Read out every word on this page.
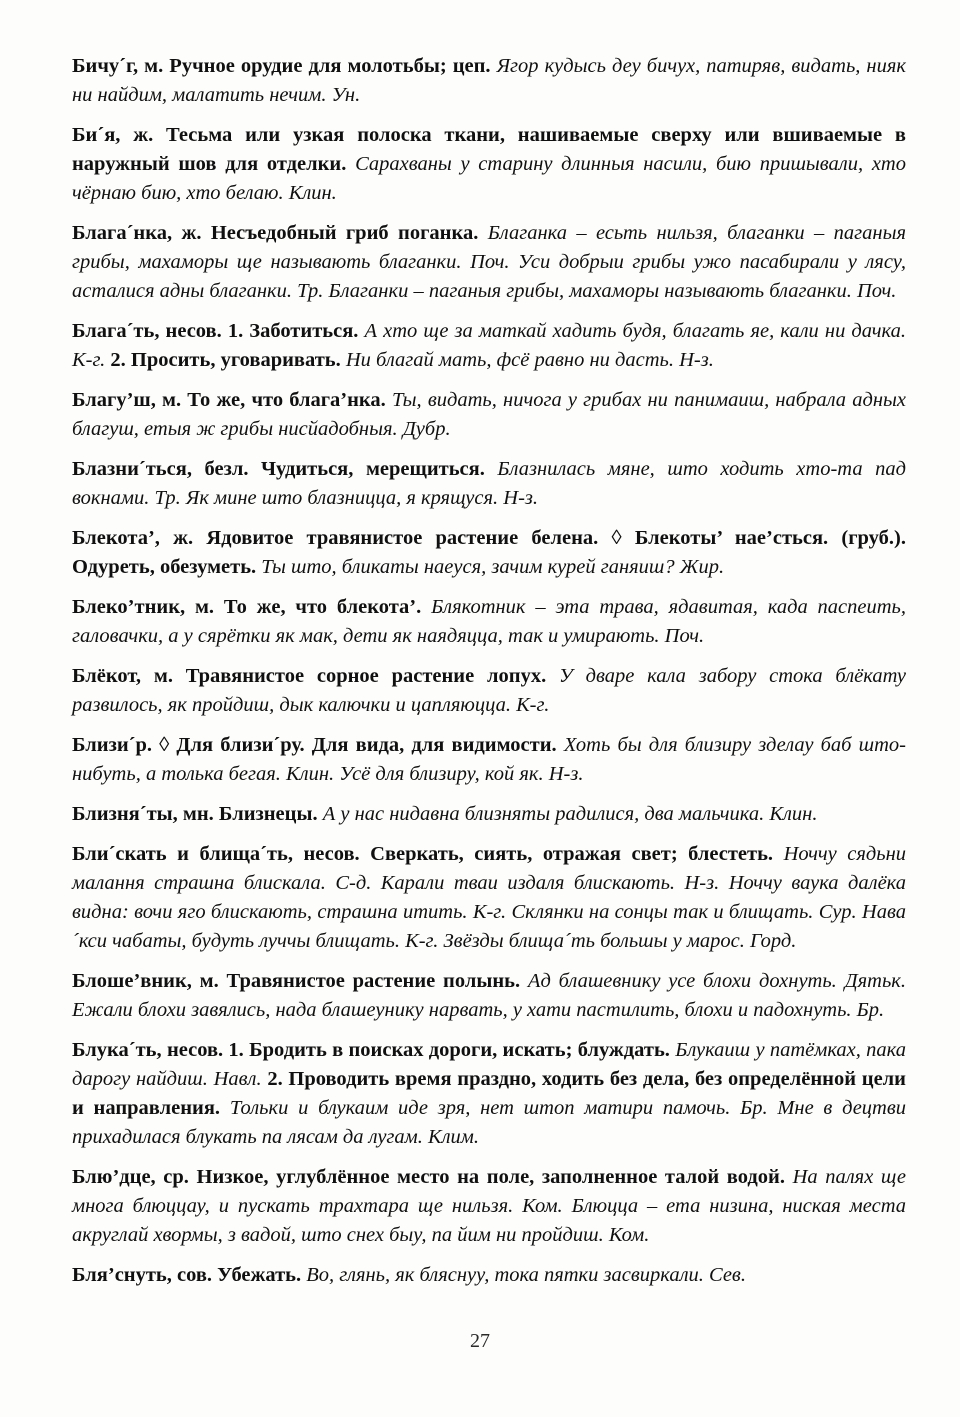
Бичу´г, м. Ручное орудие для молотьбы; цеп. Ягор кудысь деу бичух, патиряв, видать, нияк ни найдим, малатить нечим. Ун.

Би´я, ж. Тесьма или узкая полоска ткани, нашиваемые сверху или вшиваемые в наружный шов для отделки. Сарахваны у старину длинныя насили, бию пришывали, хто чёрнаю бию, хто белаю. Клин.

Блага´нка, ж. Несъедобный гриб поганка. Благанка – есьть нильзя, благанки – паганыя грибы, махаморы ще называють благанки. Поч. Уси добрыи грибы ужо пасабирали у лясу, асталися адны благанки. Тр. Благанки – паганыя грибы, махаморы называють благанки. Поч.

Блага´ть, несов. 1. Заботиться. А хто ще за маткай хадить будя, благать яе, кали ни дачка. К-г. 2. Просить, уговаривать. Ни благай мать, фсё равно ни дасть. Н-з.

Благу’ш, м. То же, что блага’нка. Ты, видать, ничога у грибах ни панимаиш, набрала адных благуш, етыя ж грибы нисйадобныя. Дубр.

Блазни´ться, безл. Чудиться, мерещиться. Блазнилась мяне, што ходить хто-та пад вокнами. Тр. Як мине што блазницца, я крящуся. Н-з.

Блекота’, ж. Ядовитое травянистое растение белена. ◊ Блекоты’ нае’сться. (груб.). Одуреть, обезуметь. Ты што, бликаты наеуся, зачим курей ганяиш? Жир.

Блеко’тник, м. То же, что блекота’. Блякотник – эта трава, ядавитая, када паспеить, галовачки, а у сярётки як мак, дети як наядяцца, так и умирають. Поч.

Блёкот, м. Травянистое сорное растение лопух. У дваре кала забору стока блёкату развилось, як пройдиш, дык калючки и цапляюцца. К-г.

Близи´р. ◊ Для близи´ру. Для вида, для видимости. Хоть бы для близиру зделау баб што-нибуть, а толька бегая. Клин. Усё для близиру, кой як. Н-з.

Близня´ты, мн. Близнецы. А у нас нидавна близняты радилися, два мальчика. Клин.

Бли´скать и блища´ть, несов. Сверкать, сиять, отражая свет; блестеть. Ноччу сядьни малання страшна блискала. С-д. Карали тваи издаля блискають. Н-з. Ноччу ваука далёка видна: вочи яго блискають, страшна итить. К-г. Склянки на сонцы так и блищать. Сур. Нава´кси чабаты, будуть луччы блищать. К-г. Звёзды блища´ть большы у марос. Горд.

Блоше’вник, м. Травянистое растение полынь. Ад блашевнику усе блохи дохнуть. Дятьк. Ежали блохи завялись, нада блашеунику нарвать, у хати пастилить, блохи и падохнуть. Бр.

Блука´ть, несов. 1. Бродить в поисках дороги, искать; блуждать. Блукаиш у патёмках, пака дарогу найдиш. Навл. 2. Проводить время праздно, ходить без дела, без определённой цели и направления. Тольки и блукаим иде зря, нет штоп матири памочь. Бр. Мне в децтви прихадилася блукать па лясам да лугам. Клим.

Блю’дце, ср. Низкое, углублённое место на поле, заполненное талой водой. На палях ще многа блюццау, и пускать трахтара ще нильзя. Ком. Блюцца – ета низина, ниская места акруглай хвормы, з вадой, што снех быу, па йим ни пройдиш. Ком.

Бля’снуть, сов. Убежать. Во, глянь, як бляснуу, тока пятки засвиркали. Сев.

27
